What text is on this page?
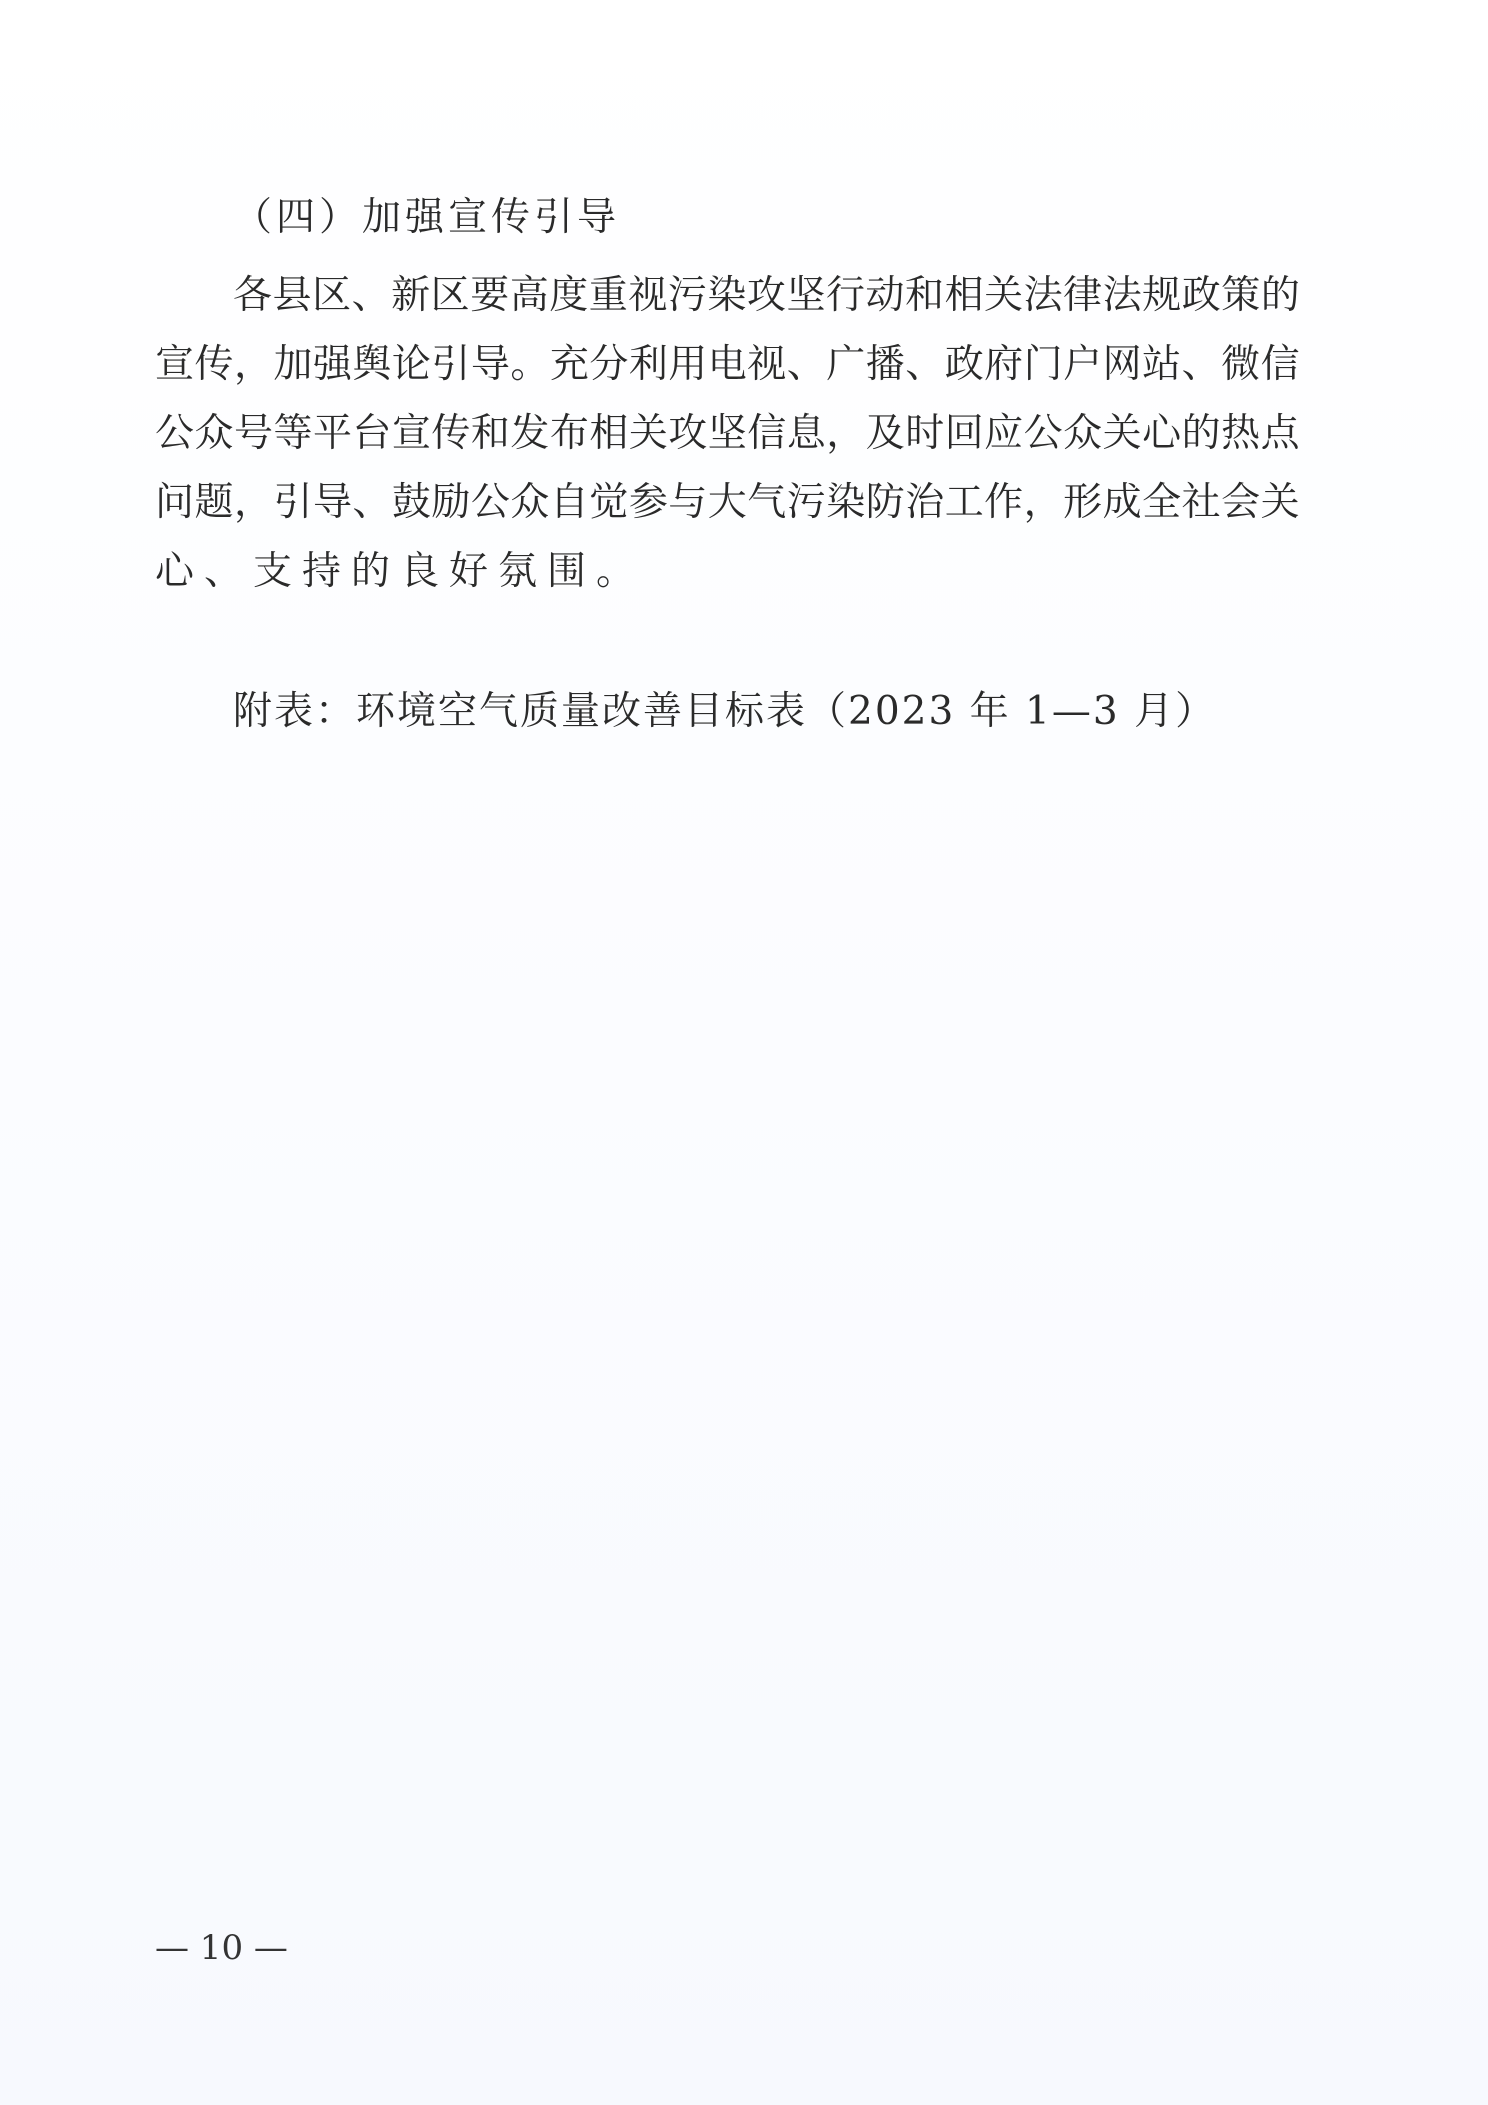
（四）加强宣传引导
各 县 区 、 新 区 要 高 度 重 视 污 染 攻 坚 行 动 和 相 关 法 律 法 规 政 策 的
宣 传 ， 加 强 舆 论 引 导 。 充 分 利 用 电 视 、 广 播 、 政 府 门 户 网 站 、 微 信
公 众 号 等 平 台 宣 传 和 发 布 相 关 攻 坚 信 息 ， 及 时 回 应 公 众 关 心 的 热 点
问 题 ， 引 导 、 鼓 励 公 众 自 觉 参 与 大 气 污 染 防 治 工 作 ， 形 成 全 社 会 关
心、支持的良好氛围。
附表：环境空气质量改善目标表（2023 年 1—3 月）
— 10 —
